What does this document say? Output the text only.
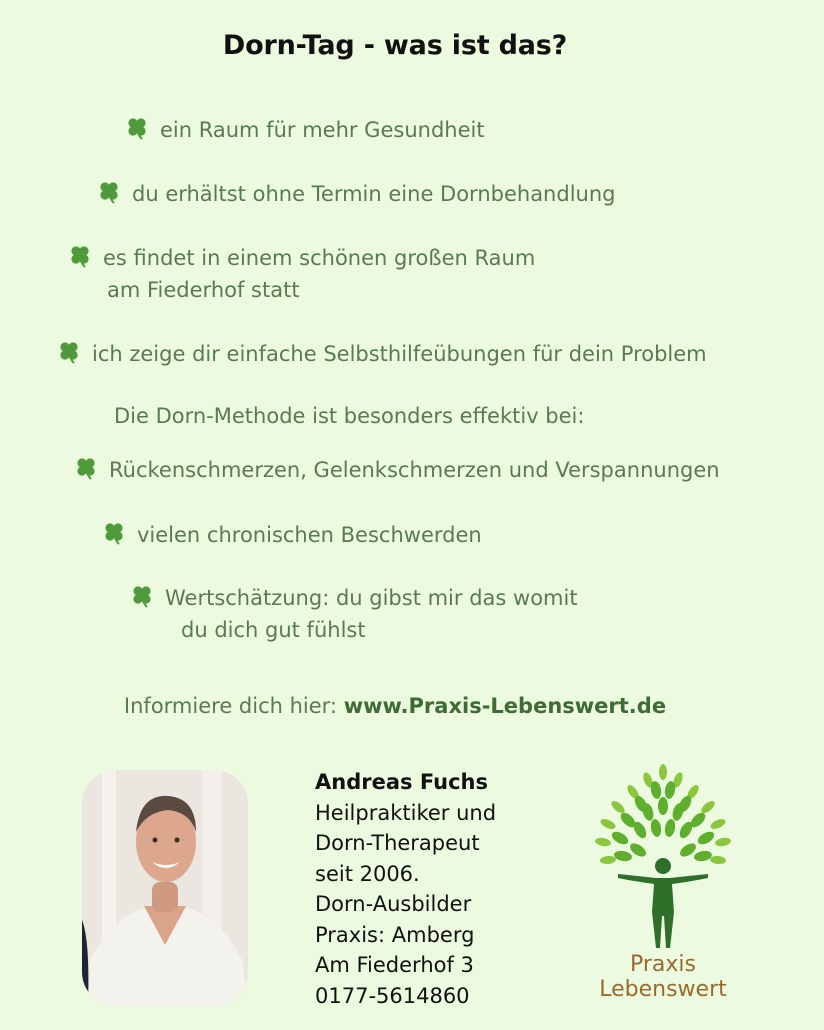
Dorn-Tag - was ist das?
ein Raum für mehr Gesundheit
du erhältst ohne Termin eine Dornbehandlung
es findet in einem schönen großen Raum
am Fiederhof statt
ich zeige dir einfache Selbsthilfeübungen für dein Problem
Die Dorn-Methode ist besonders effektiv bei:
Rückenschmerzen, Gelenkschmerzen und Verspannungen
vielen chronischen Beschwerden
Wertschätzung: du gibst mir das womit
du dich gut fühlst
Informiere dich hier: www.Praxis-Lebenswert.de
Andreas Fuchs
Heilpraktiker und
Dorn-Therapeut
seit 2006.
Dorn-Ausbilder
Praxis: Amberg
Am Fiederhof 3
0177-5614860
Praxis
Lebenswert
